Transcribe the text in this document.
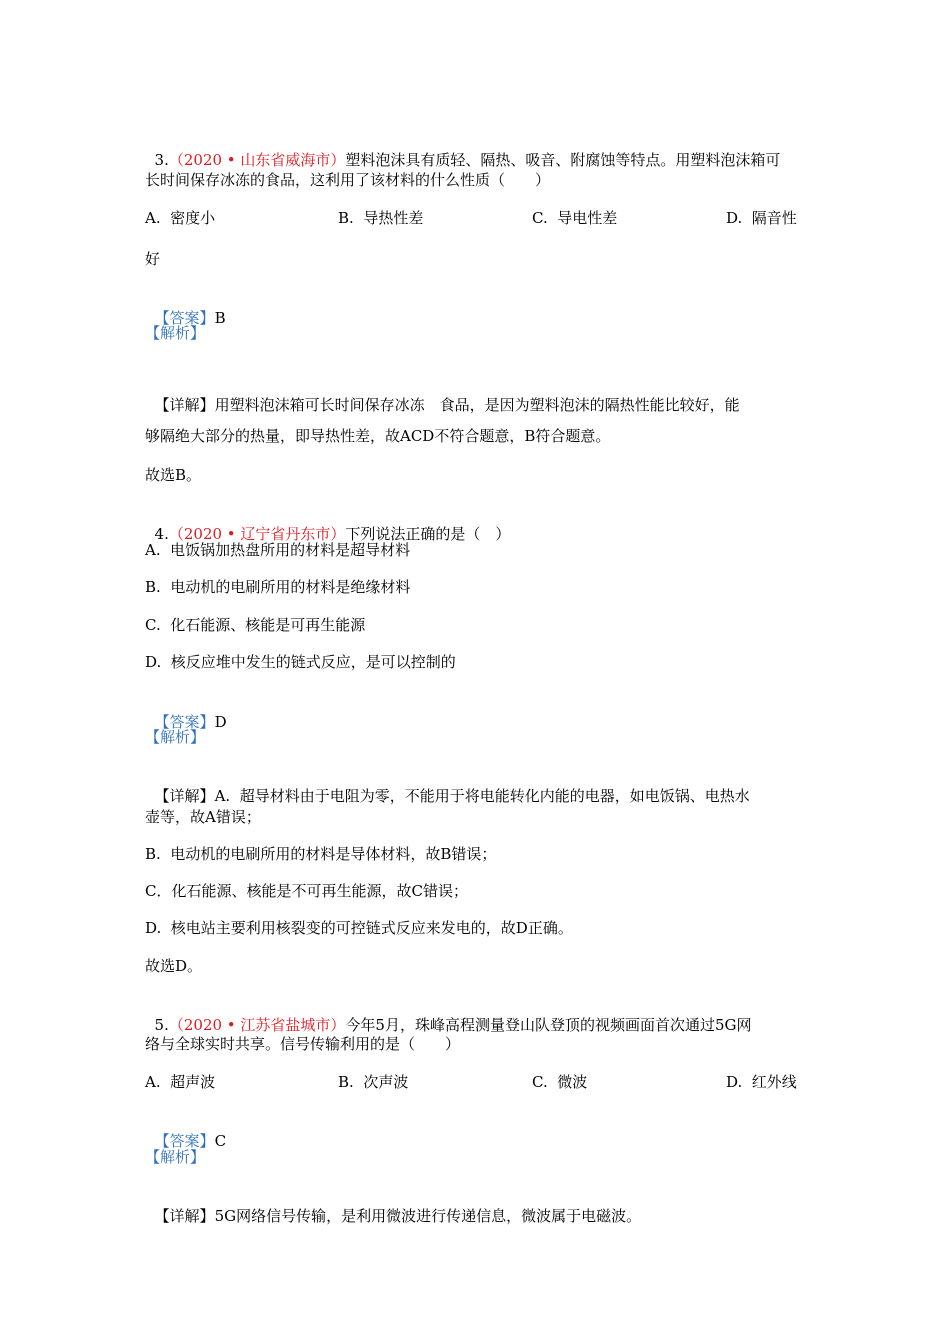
3.（2020 • 山东省威海市）塑料泡沫具有质轻、隔热、吸音、附腐蚀等特点。用塑料泡沫箱可

长时间保存冰冻的食品，这利用了该材料的什么性质（　　）
A.  密度小	B.  导热性差	C.  导电性差	D.  隔音性
好

【答案】B

【解析】

【详解】用塑料泡沫箱可长时间保存冰冻　食品，是因为塑料泡沫的隔热性能比较好，能

够隔绝大部分的热量，即导热性差，故ACD不符合题意，B符合题意。
故选B。

4.（2020 • 辽宁省丹东市）下列说法正确的是（　）

A.  电饭锅加热盘所用的材料是超导材料
B.  电动机的电刷所用的材料是绝缘材料
C.  化石能源、核能是可再生能源
D.  核反应堆中发生的链式反应，是可以控制的

【答案】D

【解析】

【详解】A.  超导材料由于电阻为零，不能用于将电能转化内能的电器，如电饭锅、电热水

壶等，故A错误；
B.  电动机的电刷所用的材料是导体材料，故B错误；
C．化石能源、核能是不可再生能源，故C错误；
D.  核电站主要利用核裂变的可控链式反应来发电的，故D正确。
故选D。

5.（2020 • 江苏省盐城市）今年5月，珠峰高程测量登山队登顶的视频画面首次通过5G网

络与全球实时共享。信号传输利用的是（　　）
A.  超声波	B.  次声波	C.  微波	D.  红外线

【答案】C

【解析】

【详解】5G网络信号传输，是利用微波进行传递信息，微波属于电磁波。
